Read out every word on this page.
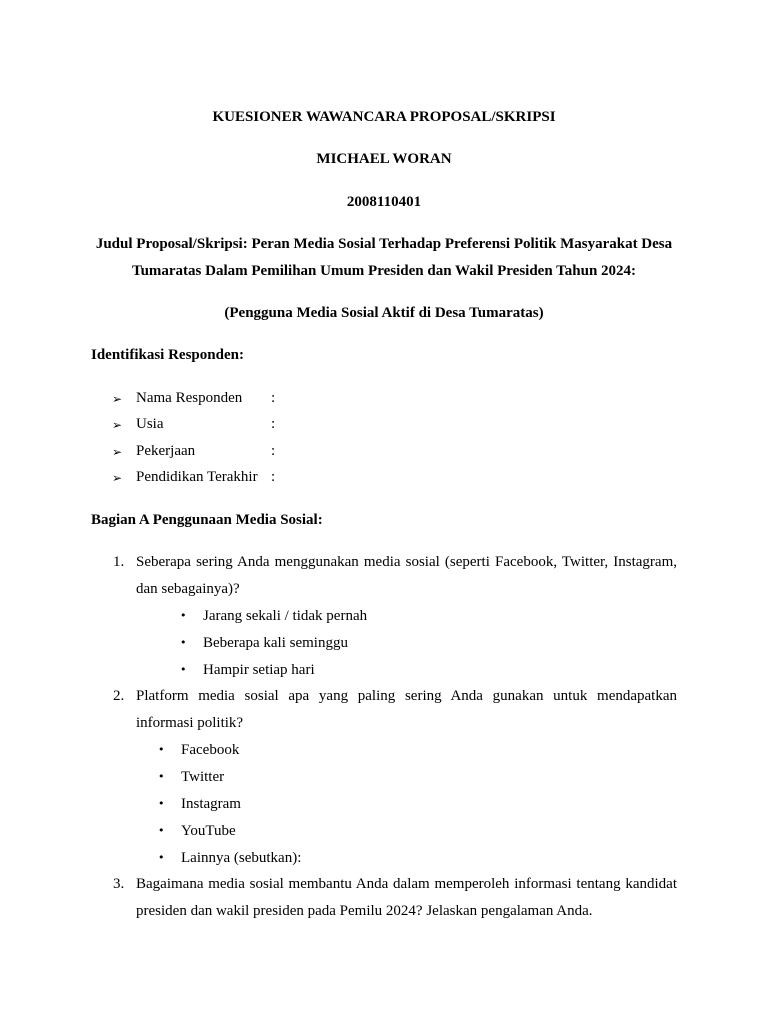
KUESIONER WAWANCARA PROPOSAL/SKRIPSI
MICHAEL WORAN
2008110401
Judul Proposal/Skripsi: Peran Media Sosial Terhadap Preferensi Politik Masyarakat Desa
Tumaratas Dalam Pemilihan Umum Presiden dan Wakil Presiden Tahun 2024:
(Pengguna Media Sosial Aktif di Desa Tumaratas)
Identifikasi Responden:
➢ Nama Responden :
➢ Usia	:
➢ Pekerjaan	:
➢ Pendidikan Terakhir :
Bagian A Penggunaan Media Sosial:
1. Seberapa sering Anda menggunakan media sosial (seperti Facebook, Twitter, Instagram,
dan sebagainya)?
• Jarang sekali / tidak pernah
• Beberapa kali seminggu
• Hampir setiap hari
2. Platform media sosial apa yang paling sering Anda gunakan untuk mendapatkan
informasi politik?
• Facebook
• Twitter
• Instagram
• YouTube
• Lainnya (sebutkan):
3. Bagaimana media sosial membantu Anda dalam memperoleh informasi tentang kandidat
presiden dan wakil presiden pada Pemilu 2024? Jelaskan pengalaman Anda.
